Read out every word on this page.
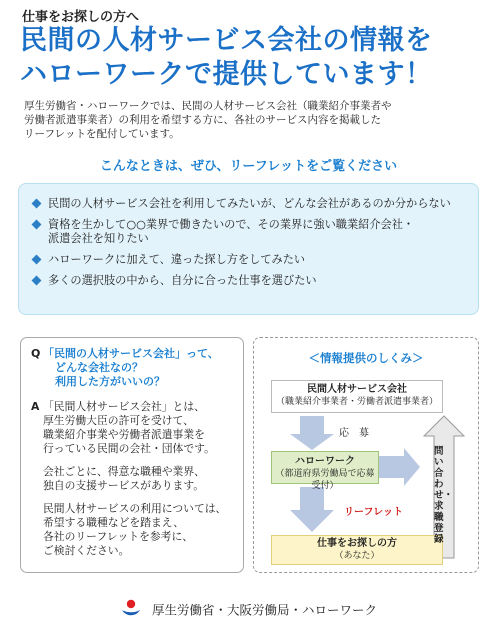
仕事をお探しの方へ
民間の人材サービス会社の情報を
ハローワークで提供しています！
厚生労働省・ハローワークでは、民間の人材サービス会社（職業紹介事業者や
労働者派遣事業者）の利用を希望する方に、各社のサービス内容を掲載した
リーフレットを配付しています。
こんなときは、ぜひ、リーフレットをご覧ください
民間の人材サービス会社を利用してみたいが、どんな会社があるのか分からない
資格を生かして○○業界で働きたいので、その業界に強い職業紹介会社・
派遣会社を知りたい
ハローワークに加えて、違った探し方をしてみたい
多くの選択肢の中から、自分に合った仕事を選びたい
Q 「民間の人材サービス会社」って、
どんな会社なの？
利用した方がいいの？
A 「民間人材サービス会社」とは、
厚生労働大臣の許可を受けて、
職業紹介事業や労働者派遣事業を
行っている民間の会社・団体です。

会社ごとに、得意な職種や業界、
独自の支援サービスがあります。

民間人材サービスの利用については、
希望する職種などを踏まえ、
各社のリーフレットを参考に、
ご検討ください。

＜情報提供のしくみ＞
民間人材サービス会社
（職業紹介事業者・労働者派遣事業者）
応　募
ハローワーク
（都道府県労働局で応募受付）
リーフレット
仕事をお探しの方
（あなた）
問い合わせ・求職登録
厚生労働省・大阪労働局・ハローワーク
